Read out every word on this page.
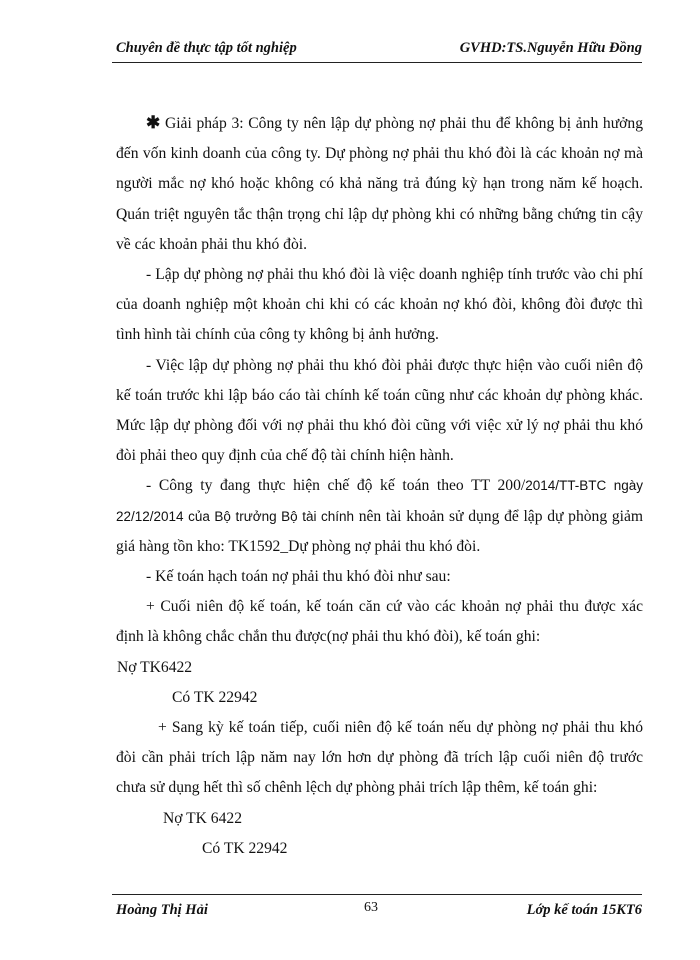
Chuyên đề thực tập tốt nghiệp	GVHD:TS.Nguyễn Hữu Đồng

✱ Giải pháp 3: Công ty nên lập dự phòng nợ phải thu để không bị ảnh hưởng đến vốn kinh doanh của công ty. Dự phòng nợ phải thu khó đòi là các khoản nợ mà người mắc nợ khó hoặc không có khả năng trả đúng kỳ hạn trong năm kế hoạch. Quán triệt nguyên tắc thận trọng chỉ lập dự phòng khi có những bằng chứng tin cậy về các khoản phải thu khó đòi.

- Lập dự phòng nợ phải thu khó đòi là việc doanh nghiệp tính trước vào chi phí của doanh nghiệp một khoản chi khi có các khoản nợ khó đòi, không đòi được thì tình hình tài chính của công ty không bị ảnh hưởng.

- Việc lập dự phòng nợ phải thu khó đòi phải được thực hiện vào cuối niên độ kế toán trước khi lập báo cáo tài chính kế toán cũng như các khoản dự phòng khác. Mức lập dự phòng đối với nợ phải thu khó đòi cũng với việc xử lý nợ phải thu khó đòi phải theo quy định của chế độ tài chính hiện hành.

- Công ty đang thực hiện chế độ kế toán theo TT 200/2014/TT-BTC ngày 22/12/2014 của Bộ trưởng Bộ tài chính nên tài khoản sử dụng để lập dự phòng giảm giá hàng tồn kho: TK1592_Dự phòng nợ phải thu khó đòi.

- Kế toán hạch toán nợ phải thu khó đòi như sau:

+ Cuối niên độ kế toán, kế toán căn cứ vào các khoản nợ phải thu được xác định là không chắc chắn thu được(nợ phải thu khó đòi), kế toán ghi:

Nợ TK6422

Có TK 22942

+ Sang kỳ kế toán tiếp, cuối niên độ kế toán nếu dự phòng nợ phải thu khó đòi cần phải trích lập năm nay lớn hơn dự phòng đã trích lập cuối niên độ trước chưa sử dụng hết thì số chênh lệch dự phòng phải trích lập thêm, kế toán ghi:

Nợ TK 6422

Có TK 22942

Hoàng Thị Hải	63	Lớp kế toán 15KT6
